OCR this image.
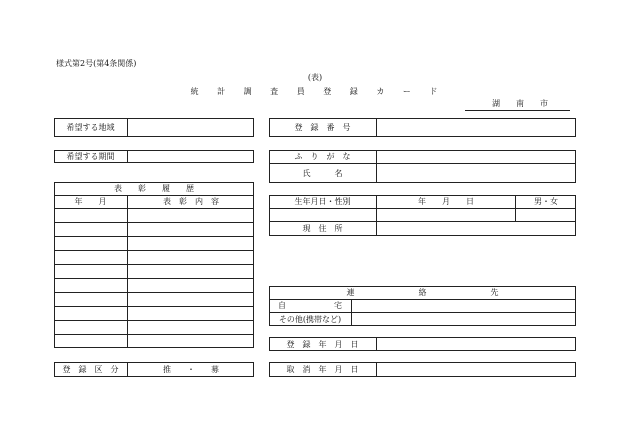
様式第2号(第4条関係)
(表)
統 計 調 査 員 登 録 カ ー ド
湖　　南　　市
希望する地域
希望する期間
表　　彰　　履　　歴
年　　月	表　彰　内　容
登　録　区　分	推　　・　　募
登　録　番　号
ふ　り　が　な
氏　　　名
生年月日・性別	年　　月　　日	男・女
現　住　所
連　　　　　　　　絡　　　　　　　　先
自　　　　　　宅
その他(携帯など)
登　録　年　月　日
取　消　年　月　日
